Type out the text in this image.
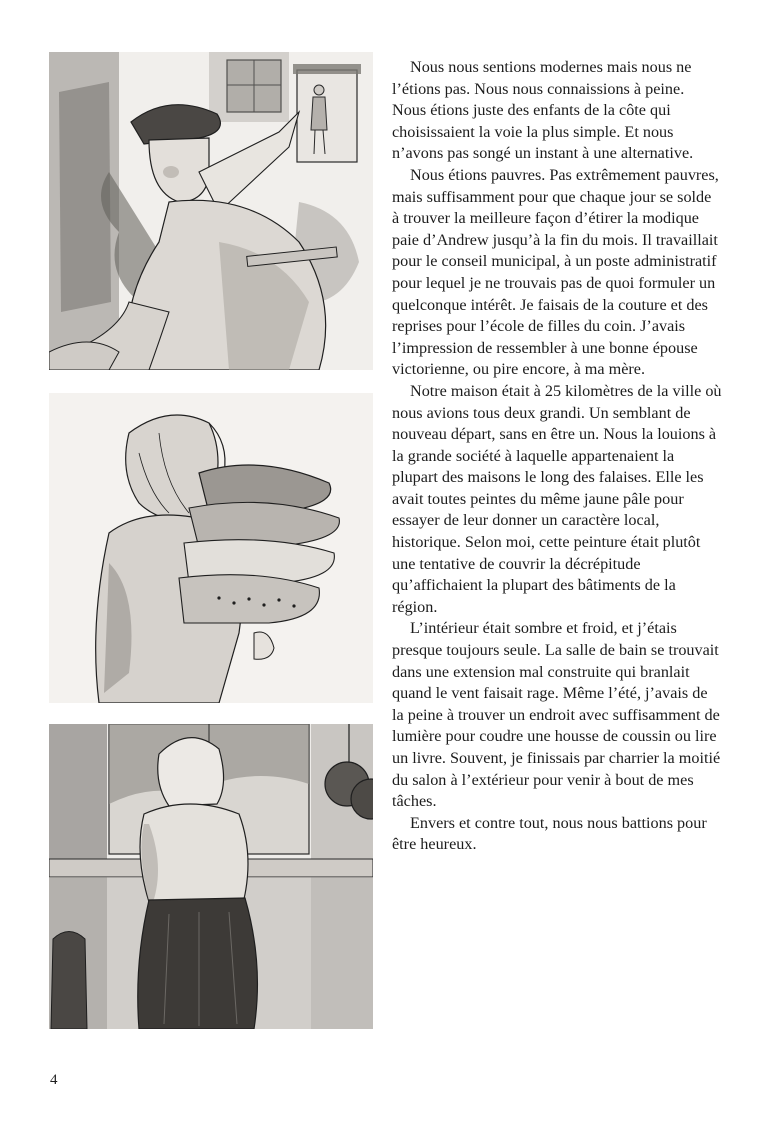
Nous nous sentions modernes mais nous ne l’étions pas. Nous nous connaissions à peine. Nous étions juste des enfants de la côte qui choisissaient la voie la plus simple. Et nous n’avons pas songé un instant à une alternative.

Nous étions pauvres. Pas extrêmement pauvres, mais suffisamment pour que chaque jour se solde à trouver la meilleure façon d’étirer la modique paie d’Andrew jusqu’à la fin du mois. Il travaillait pour le conseil municipal, à un poste administratif pour lequel je ne trouvais pas de quoi formuler un quelconque intérêt. Je faisais de la couture et des reprises pour l’école de filles du coin. J’avais l’impression de ressembler à une bonne épouse victorienne, ou pire encore, à ma mère.

Notre maison était à 25 kilomètres de la ville où nous avions tous deux grandi. Un semblant de nouveau départ, sans en être un. Nous la louions à la grande société à laquelle appartenaient la plupart des maisons le long des falaises. Elle les avait toutes peintes du même jaune pâle pour essayer de leur donner un caractère local, historique. Selon moi, cette peinture était plutôt une tentative de couvrir la décrépitude qu’affichaient la plupart des bâtiments de la région.

L’intérieur était sombre et froid, et j’étais presque toujours seule. La salle de bain se trouvait dans une extension mal construite qui branlait quand le vent faisait rage. Même l’été, j’avais de la peine à trouver un endroit avec suffisamment de lumière pour coudre une housse de coussin ou lire un livre. Souvent, je finissais par charrier la moitié du salon à l’extérieur pour venir à bout de mes tâches.

Envers et contre tout, nous nous battions pour être heureux.

4
